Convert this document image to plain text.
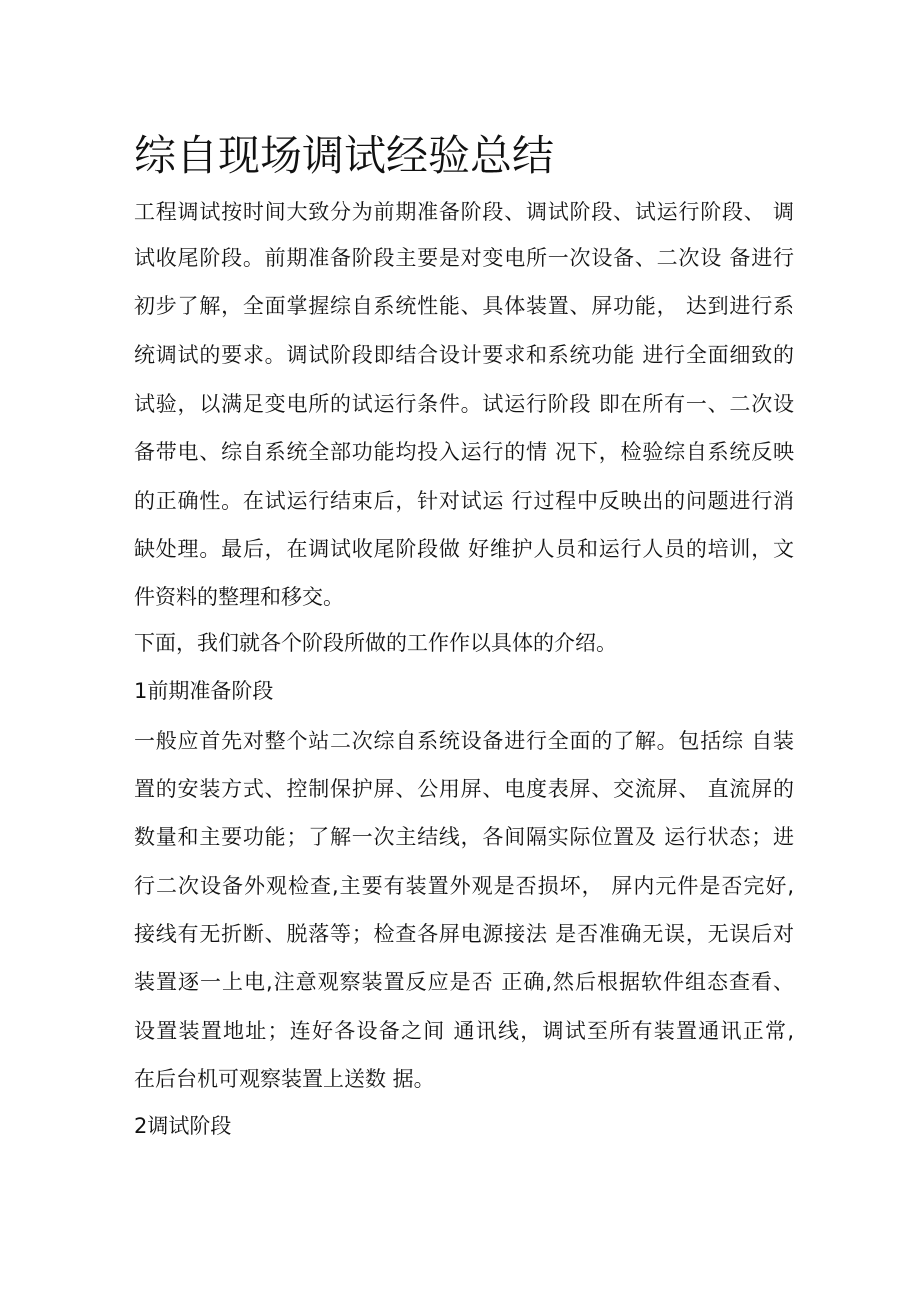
综自现场调试经验总结
工程调试按时间大致分为前期准备阶段、调试阶段、试运行阶段、 调
试收尾阶段。前期准备阶段主要是对变电所一次设备、二次设 备进行
初步了解，全面掌握综自系统性能、具体装置、屏功能， 达到进行系
统调试的要求。调试阶段即结合设计要求和系统功能 进行全面细致的
试验，以满足变电所的试运行条件。试运行阶段 即在所有一、二次设
备带电、综自系统全部功能均投入运行的情 况下，检验综自系统反映
的正确性。在试运行结束后，针对试运 行过程中反映出的问题进行消
缺处理。最后，在调试收尾阶段做 好维护人员和运行人员的培训，文
件资料的整理和移交。
下面，我们就各个阶段所做的工作作以具体的介绍。
1前期准备阶段
一般应首先对整个站二次综自系统设备进行全面的了解。包括综 自装
置的安装方式、控制保护屏、公用屏、电度表屏、交流屏、 直流屏的
数量和主要功能；了解一次主结线，各间隔实际位置及 运行状态；进
行二次设备外观检查,主要有装置外观是否损坏， 屏内元件是否完好,
接线有无折断、脱落等；检查各屏电源接法 是否准确无误，无误后对
装置逐一上电,注意观察装置反应是否 正确,然后根据软件组态查看、
设置装置地址；连好各设备之间 通讯线，调试至所有装置通讯正常,
在后台机可观察装置上送数 据。
2调试阶段
